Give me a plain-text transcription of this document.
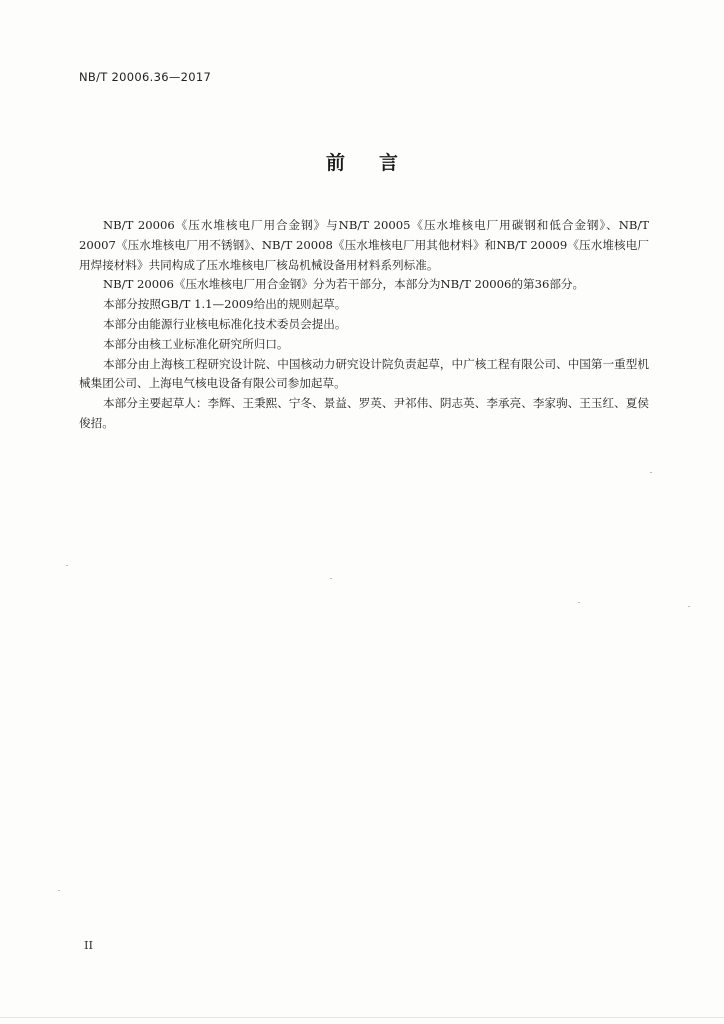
NB/T 20006.36—2017
前言

NB/T 20006《压水堆核电厂用合金钢》与NB/T 20005《压水堆核电厂用碳钢和低合金钢》、NB/T 20007《压水堆核电厂用不锈钢》、NB/T 20008《压水堆核电厂用其他材料》和NB/T 20009《压水堆核电厂用焊接材料》共同构成了压水堆核电厂核岛机械设备用材料系列标准。

NB/T 20006《压水堆核电厂用合金钢》分为若干部分，本部分为NB/T 20006的第36部分。

本部分按照GB/T 1.1—2009给出的规则起草。

本部分由能源行业核电标准化技术委员会提出。

本部分由核工业标准化研究所归口。

本部分由上海核工程研究设计院、中国核动力研究设计院负责起草，中广核工程有限公司、中国第一重型机械集团公司、上海电气核电设备有限公司参加起草。

本部分主要起草人：李辉、王秉熙、宁冬、景益、罗英、尹祁伟、阴志英、李承亮、李家驹、王玉红、夏侯俊招。

II
